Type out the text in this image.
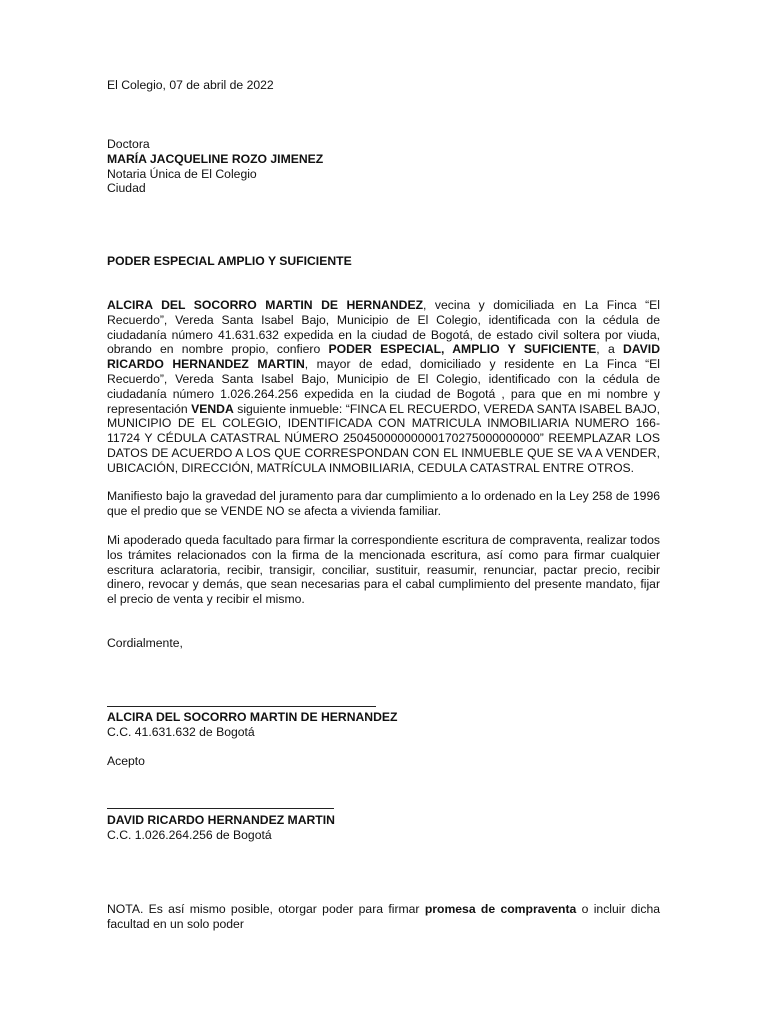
El Colegio, 07 de abril de 2022
Doctora
MARÍA JACQUELINE ROZO JIMENEZ
Notaria Única de El Colegio
Ciudad
PODER ESPECIAL AMPLIO Y SUFICIENTE
ALCIRA DEL SOCORRO MARTIN DE HERNANDEZ, vecina y domiciliada en La Finca “El Recuerdo”, Vereda Santa Isabel Bajo, Municipio de El Colegio, identificada con la cédula de ciudadanía número 41.631.632 expedida en la ciudad de Bogotá, de estado civil soltera por viuda, obrando en nombre propio, confiero PODER ESPECIAL, AMPLIO Y SUFICIENTE, a DAVID RICARDO HERNANDEZ MARTIN, mayor de edad, domiciliado y residente en La Finca “El Recuerdo”, Vereda Santa Isabel Bajo, Municipio de El Colegio, identificado con la cédula de ciudadanía número 1.026.264.256 expedida en la ciudad de Bogotá , para que en mi nombre y representación VENDA siguiente inmueble: “FINCA EL RECUERDO, VEREDA SANTA ISABEL BAJO, MUNICIPIO DE EL COLEGIO, IDENTIFICADA CON MATRICULA INMOBILIARIA NUMERO 166-11724 Y CÉDULA CATASTRAL NÚMERO 25045000000000170275000000000” REEMPLAZAR LOS DATOS DE ACUERDO A LOS QUE CORRESPONDAN CON EL INMUEBLE QUE SE VA A VENDER, UBICACIÓN, DIRECCIÓN, MATRÍCULA INMOBILIARIA, CEDULA CATASTRAL ENTRE OTROS.
Manifiesto bajo la gravedad del juramento para dar cumplimiento a lo ordenado en la Ley 258 de 1996 que el predio que se VENDE NO se afecta a vivienda familiar.
Mi apoderado queda facultado para firmar la correspondiente escritura de compraventa, realizar todos los trámites relacionados con la firma de la mencionada escritura, así como para firmar cualquier escritura aclaratoria, recibir, transigir, conciliar, sustituir, reasumir, renunciar, pactar precio, recibir dinero, revocar y demás, que sean necesarias para el cabal cumplimiento del presente mandato, fijar el precio de venta y recibir el mismo.
Cordialmente,
ALCIRA DEL SOCORRO MARTIN DE HERNANDEZ
C.C. 41.631.632 de Bogotá
Acepto
DAVID RICARDO HERNANDEZ MARTIN
C.C. 1.026.264.256 de Bogotá
NOTA. Es así mismo posible, otorgar poder para firmar promesa de compraventa o incluir dicha facultad en un solo poder
